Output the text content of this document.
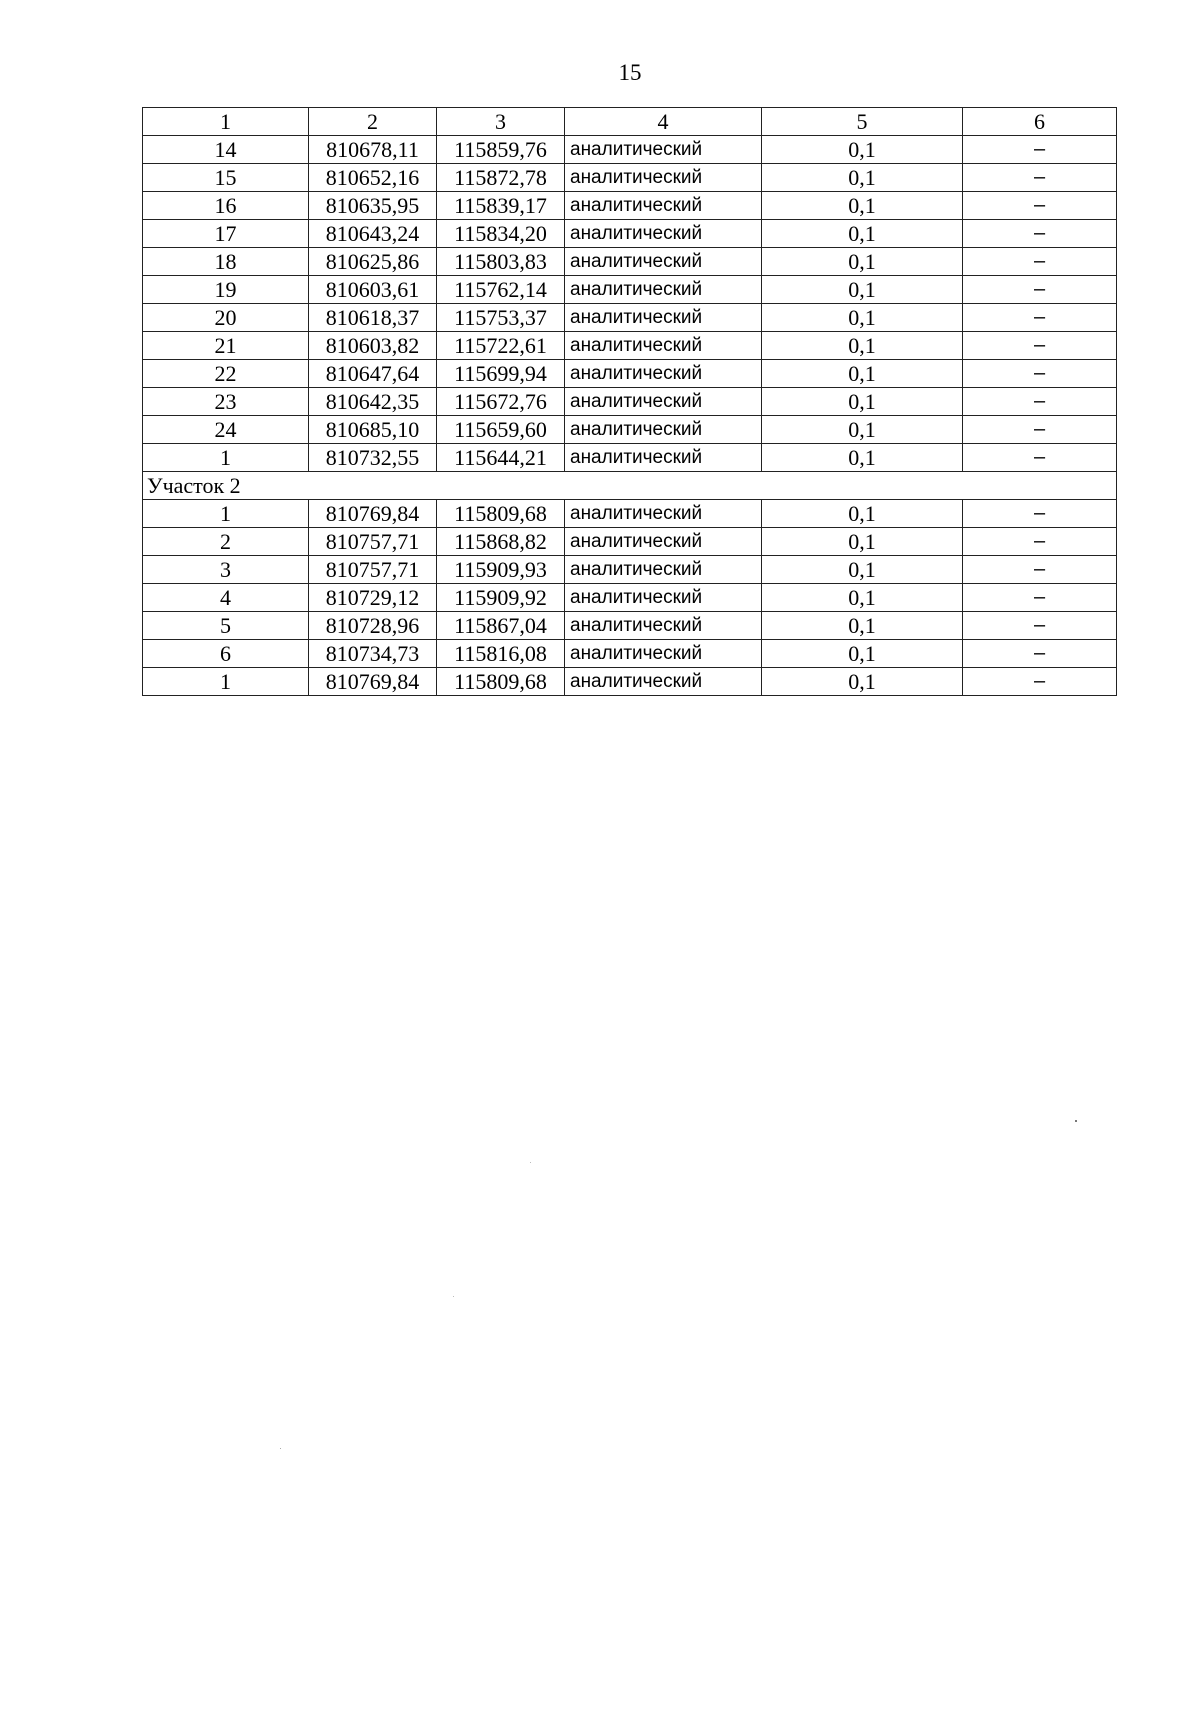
15
1	2	3	4	5	6
14	810678,11	115859,76	аналитический	0,1	–
15	810652,16	115872,78	аналитический	0,1	–
16	810635,95	115839,17	аналитический	0,1	–
17	810643,24	115834,20	аналитический	0,1	–
18	810625,86	115803,83	аналитический	0,1	–
19	810603,61	115762,14	аналитический	0,1	–
20	810618,37	115753,37	аналитический	0,1	–
21	810603,82	115722,61	аналитический	0,1	–
22	810647,64	115699,94	аналитический	0,1	–
23	810642,35	115672,76	аналитический	0,1	–
24	810685,10	115659,60	аналитический	0,1	–
1	810732,55	115644,21	аналитический	0,1	–
Участок 2					
1	810769,84	115809,68	аналитический	0,1	–
2	810757,71	115868,82	аналитический	0,1	–
3	810757,71	115909,93	аналитический	0,1	–
4	810729,12	115909,92	аналитический	0,1	–
5	810728,96	115867,04	аналитический	0,1	–
6	810734,73	115816,08	аналитический	0,1	–
1	810769,84	115809,68	аналитический	0,1	–
